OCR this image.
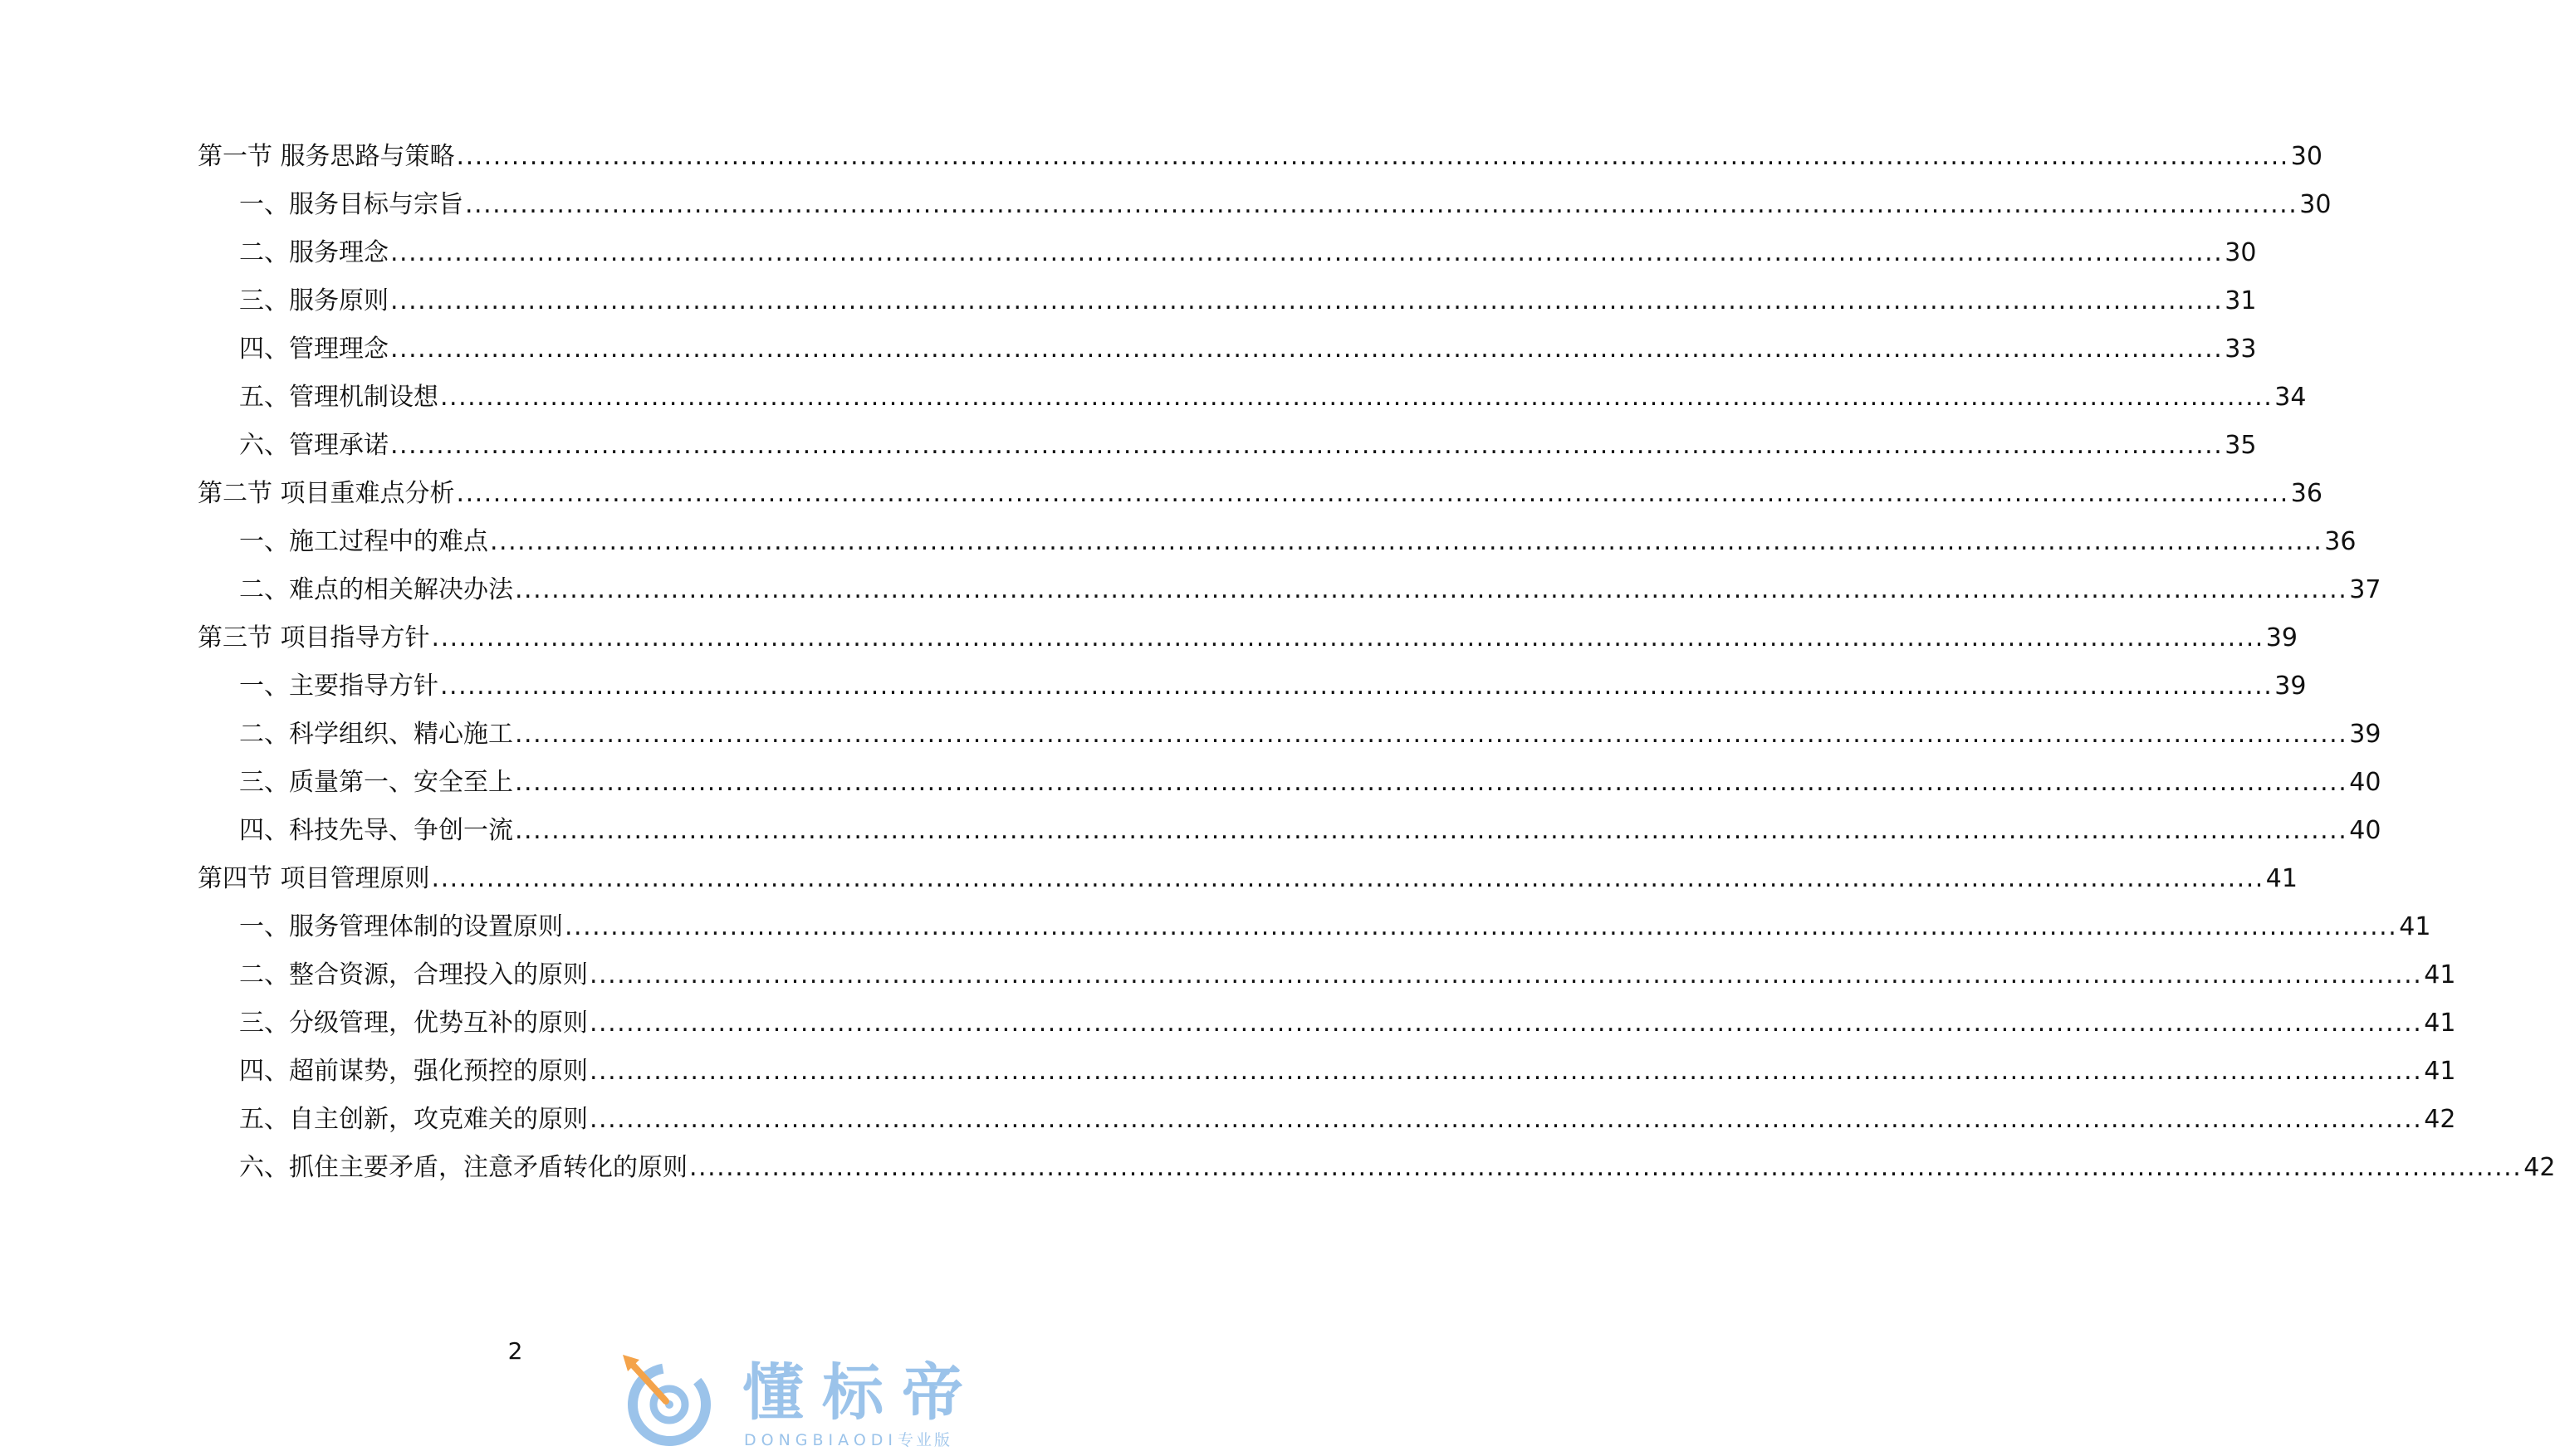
第一节 服务思路与策略 ........................................................................................................................................................................................................ 30
一、服务目标与宗旨 ........................................................................................................................................................................................................ 30
二、服务理念 ........................................................................................................................................................................................................ 30
三、服务原则 ........................................................................................................................................................................................................ 31
四、管理理念 ........................................................................................................................................................................................................ 33
五、管理机制设想 ........................................................................................................................................................................................................ 34
六、管理承诺 ........................................................................................................................................................................................................ 35
第二节 项目重难点分析 ........................................................................................................................................................................................................ 36
一、施工过程中的难点 ........................................................................................................................................................................................................ 36
二、难点的相关解决办法 ........................................................................................................................................................................................................ 37
第三节 项目指导方针 ........................................................................................................................................................................................................ 39
一、主要指导方针 ........................................................................................................................................................................................................ 39
二、科学组织、精心施工 ........................................................................................................................................................................................................ 39
三、质量第一、安全至上 ........................................................................................................................................................................................................ 40
四、科技先导、争创一流 ........................................................................................................................................................................................................ 40
第四节 项目管理原则 ........................................................................................................................................................................................................ 41
一、服务管理体制的设置原则 ........................................................................................................................................................................................................ 41
二、整合资源，合理投入的原则 ........................................................................................................................................................................................................ 41
三、分级管理，优势互补的原则 ........................................................................................................................................................................................................ 41
四、超前谋势，强化预控的原则 ........................................................................................................................................................................................................ 41
五、自主创新，攻克难关的原则 ........................................................................................................................................................................................................ 42
六、抓住主要矛盾，注意矛盾转化的原则 ........................................................................................................................................................................................................ 42
2
懂标帝
DONGBIAODI专业版
